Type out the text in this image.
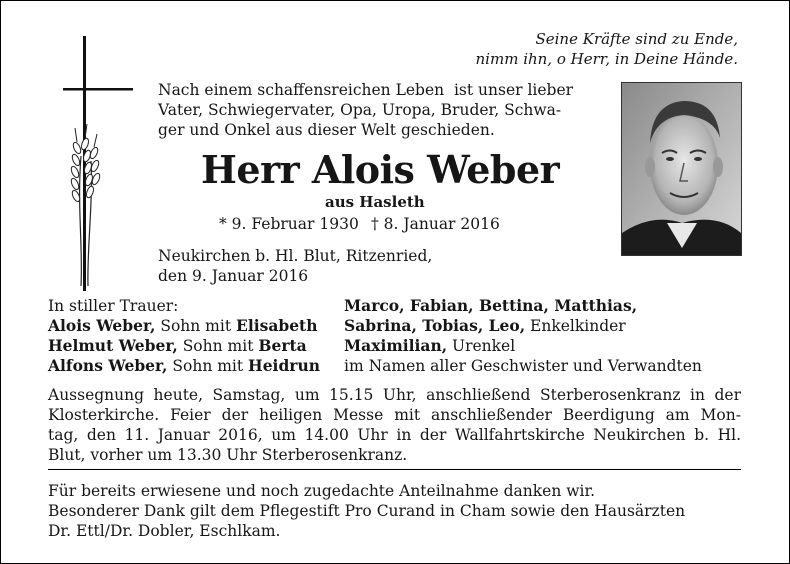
Seine Kräfte sind zu Ende,
nimm ihn, o Herr, in Deine Hände.
Nach einem schaffensreichen Leben  ist unser lieber
Vater, Schwiegervater, Opa, Uropa, Bruder, Schwa-
ger und Onkel aus dieser Welt geschieden.
Herr Alois Weber
aus Hasleth
* 9. Februar 1930 † 8. Januar 2016
Neukirchen b. Hl. Blut, Ritzenried,
den 9. Januar 2016
In stiller Trauer:
Alois Weber, Sohn mit Elisabeth
Helmut Weber, Sohn mit Berta
Alfons Weber, Sohn mit Heidrun
Marco, Fabian, Bettina, Matthias,
Sabrina, Tobias, Leo, Enkelkinder
Maximilian, Urenkel
im Namen aller Geschwister und Verwandten
Aussegnung heute, Samstag, um 15.15 Uhr, anschließend Sterberosenkranz in der
Klosterkirche. Feier der heiligen Messe mit anschließender Beerdigung am Mon-
tag, den 11. Januar 2016, um 14.00 Uhr in der Wallfahrtskirche Neukirchen b. Hl.
Blut, vorher um 13.30 Uhr Sterberosenkranz.
Für bereits erwiesene und noch zugedachte Anteilnahme danken wir.
Besonderer Dank gilt dem Pflegestift Pro Curand in Cham sowie den Hausärzten
Dr. Ettl/Dr. Dobler, Eschlkam.
